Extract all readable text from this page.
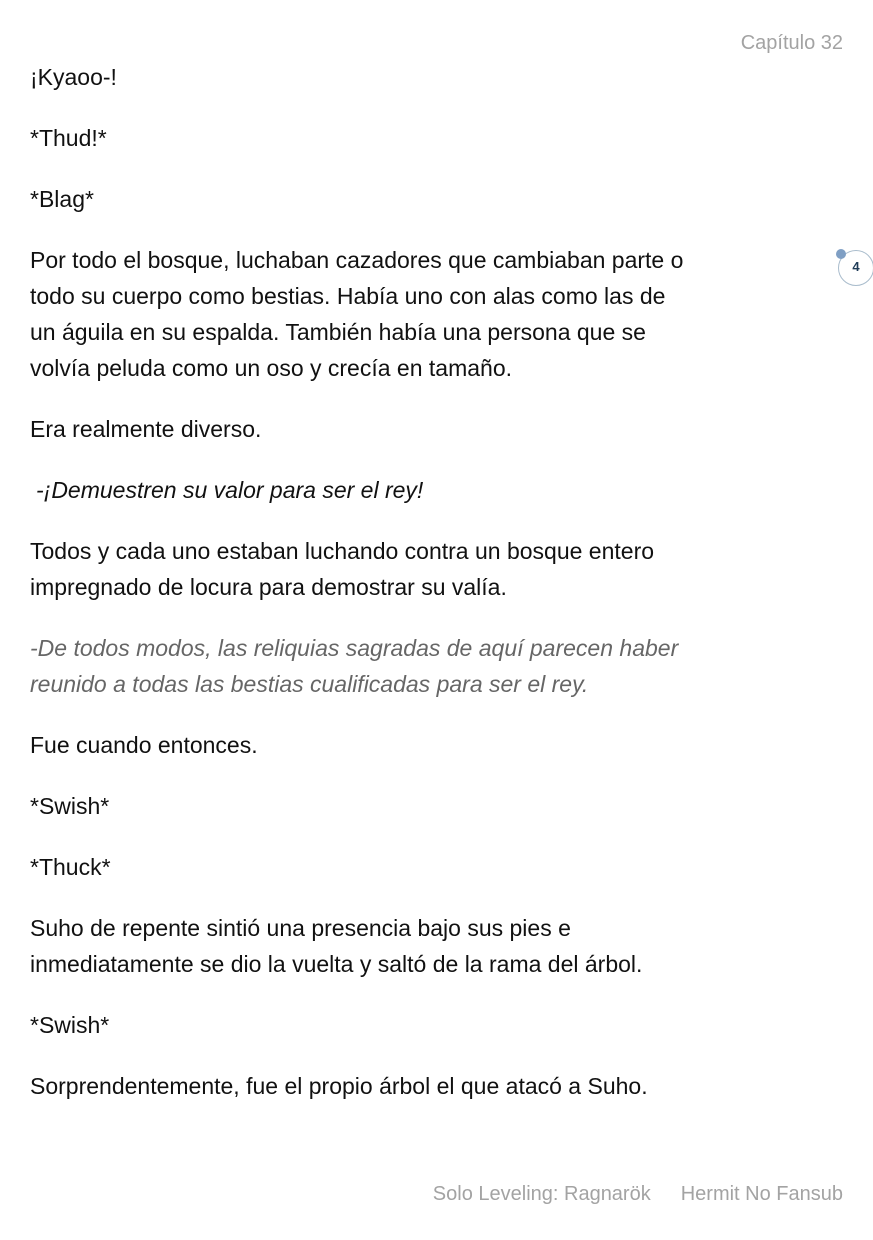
Capítulo 32

¡Kyaoo-!

*Thud!*

*Blag*

Por todo el bosque, luchaban cazadores que cambiaban parte o
todo su cuerpo como bestias. Había uno con alas como las de
un águila en su espalda. También había una persona que se
volvía peluda como un oso y crecía en tamaño.

Era realmente diverso.

-¡Demuestren su valor para ser el rey!

Todos y cada uno estaban luchando contra un bosque entero
impregnado de locura para demostrar su valía.

-De todos modos, las reliquias sagradas de aquí parecen haber
reunido a todas las bestias cualificadas para ser el rey.

Fue cuando entonces.

*Swish*

*Thuck*

Suho de repente sintió una presencia bajo sus pies e
inmediatamente se dio la vuelta y saltó de la rama del árbol.

*Swish*

Sorprendentemente, fue el propio árbol el que atacó a Suho.

4
Solo Leveling: Ragnarök Hermit No Fansub
